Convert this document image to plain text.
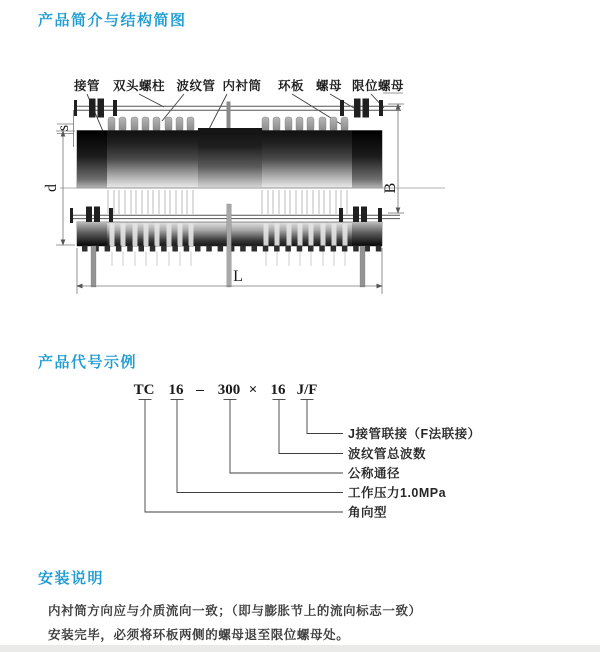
产品简介与结构简图
接管 双头螺柱 波纹管 内衬筒 环板 螺母 限位螺母
s
d	B
L
TC 16 – 300 × 16 J/F
J接管联接（F法联接）
波纹管总波数
公称通径
工作压力1.0MPa
角向型
产品代号示例
安装说明
内衬筒方向应与介质流向一致；（即与膨胀节上的流向标志一致）
安装完毕，必须将环板两侧的螺母退至限位螺母处。
